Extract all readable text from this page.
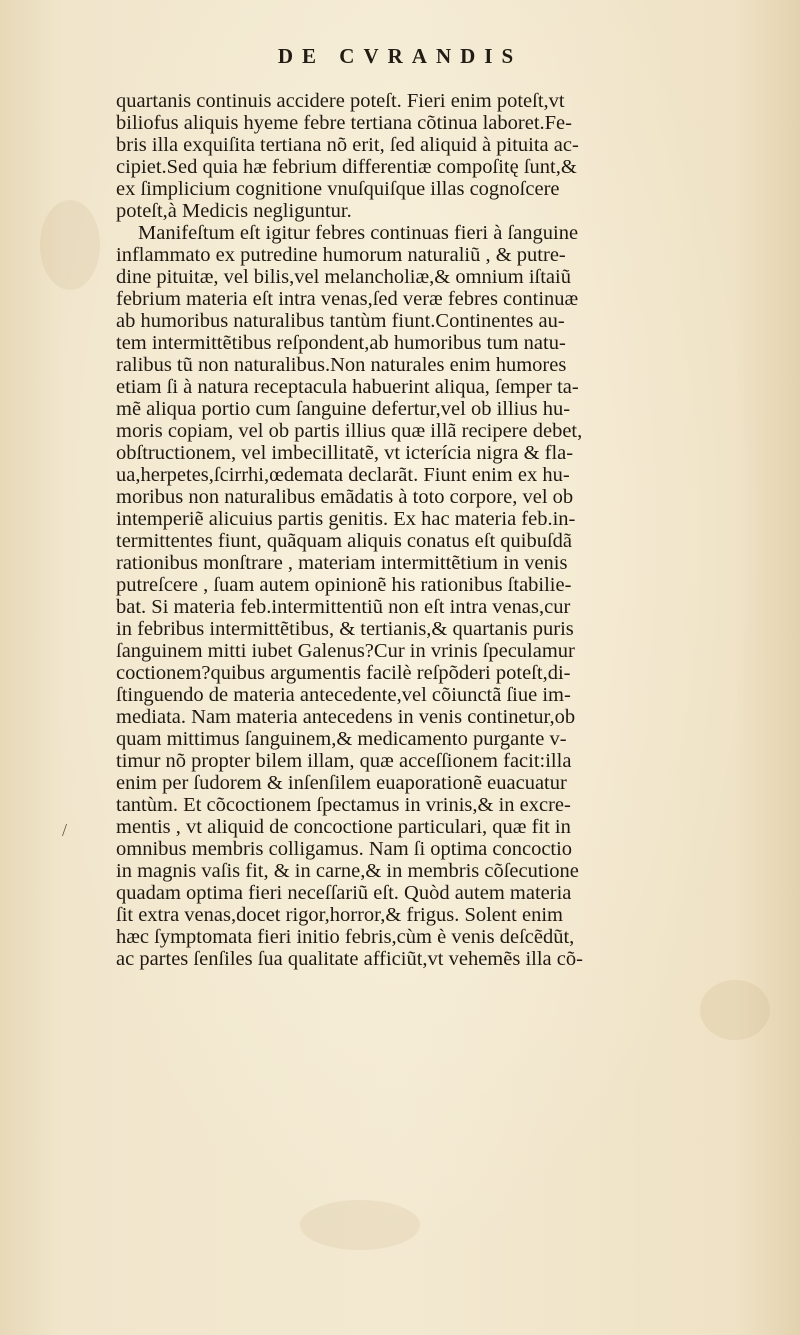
DE CVRANDIS
/
quartanis continuis accidere poteſt. Fieri enim poteſt,vt
biliofus aliquis hyeme febre tertiana cõtinua laboret.Fe-
bris illa exquiſita tertiana nõ erit, ſed aliquid à pituita ac-
cipiet.Sed quia hæ febrium differentiæ compoſitę ſunt,&
ex ſimplicium cognitione vnuſquiſque illas cognoſcere
poteſt,à Medicis negliguntur.
Manifeſtum eſt igitur febres continuas fieri à ſanguine
inflammato ex putredine humorum naturaliũ , & putre-
dine pituitæ, vel bilis,vel melancholiæ,& omnium iſtaiũ
febrium materia eſt intra venas,ſed veræ febres continuæ
ab humoribus naturalibus tantùm fiunt.Continentes au-
tem intermittẽtibus reſpondent,ab humoribus tum natu-
ralibus tũ non naturalibus.Non naturales enim humores
etiam ſi à natura receptacula habuerint aliqua, ſemper ta-
mẽ aliqua portio cum ſanguine defertur,vel ob illius hu-
moris copiam, vel ob partis illius quæ illã recipere debet,
obſtructionem, vel imbecillitatẽ, vt icterícia nigra & fla-
ua,herpetes,ſcirrhi,œdemata declarãt. Fiunt enim ex hu-
moribus non naturalibus emãdatis à toto corpore, vel ob
intemperiẽ alicuius partis genitis. Ex hac materia feb.in-
termittentes fiunt, quãquam aliquis conatus eſt quibuſdã
rationibus monſtrare , materiam intermittẽtium in venis
putreſcere , ſuam autem opinionẽ his rationibus ſtabilie-
bat. Si materia feb.intermittentiũ non eſt intra venas,cur
in febribus intermittẽtibus, & tertianis,& quartanis puris
ſanguinem mitti iubet Galenus?Cur in vrinis ſpeculamur
coctionem?quibus argumentis facilè reſpõderi poteſt,di-
ſtinguendo de materia antecedente,vel cõiunctã ſiue im-
mediata. Nam materia antecedens in venis continetur,ob
quam mittimus ſanguinem,& medicamento purgante v-
timur nõ propter bilem illam, quæ acceſſionem facit:illa
enim per ſudorem & inſenſilem euaporationẽ euacuatur
tantùm. Et cõcoctionem ſpectamus in vrinis,& in excre-
mentis , vt aliquid de concoctione particulari, quæ fit in
omnibus membris colligamus. Nam ſi optima concoctio
in magnis vaſis fit, & in carne,& in membris cõſecutione
quadam optima fieri neceſſariũ eſt. Quòd autem materia
ſit extra venas,docet rigor,horror,& frigus. Solent enim
hæc ſymptomata fieri initio febris,cùm è venis deſcẽdũt,
ac partes ſenſiles ſua qualitate afficiũt,vt vehemẽs illa cõ-
